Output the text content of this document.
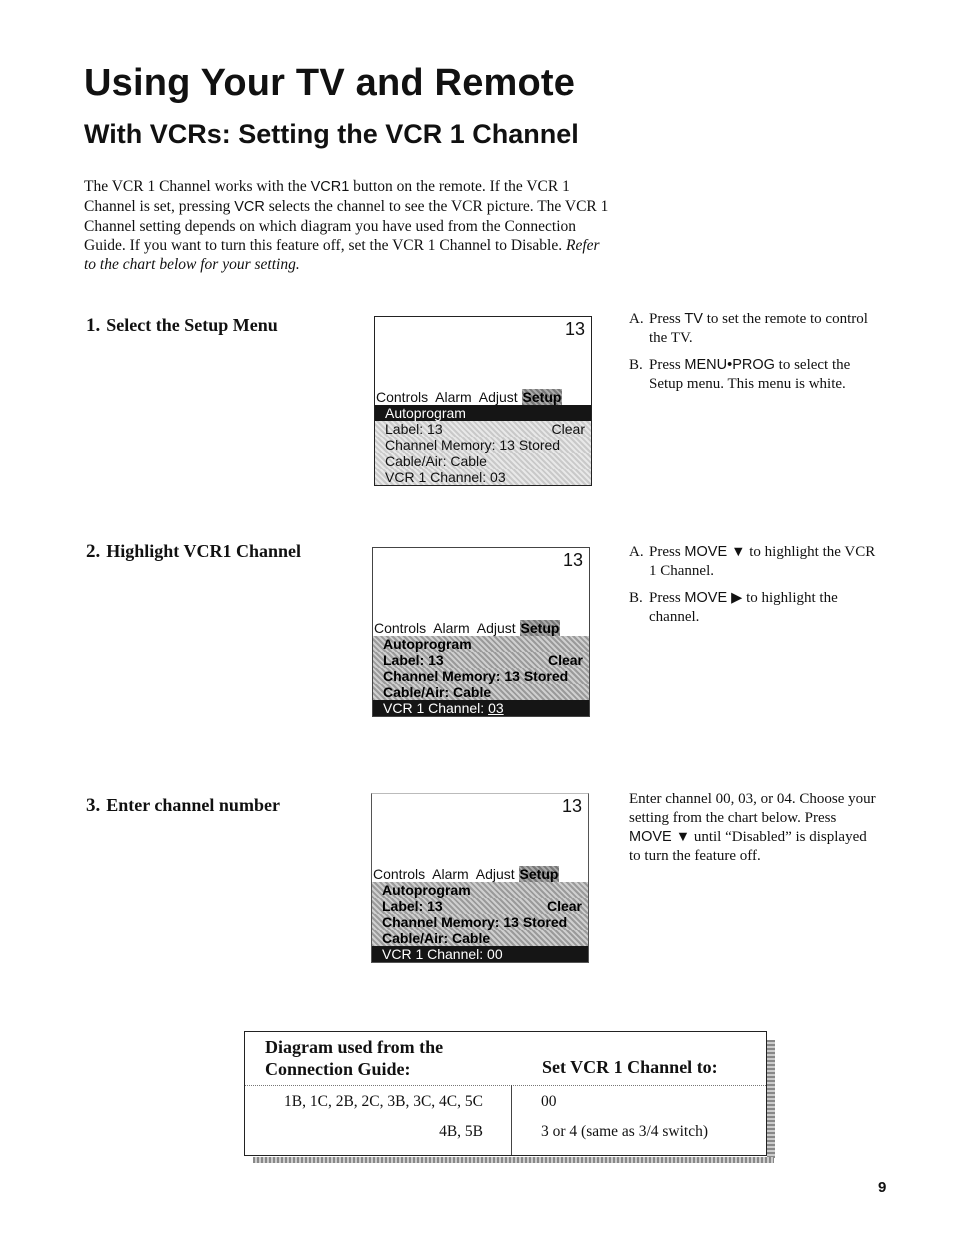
Using Your TV and Remote
With VCRs: Setting the VCR 1 Channel
The VCR 1 Channel works with the VCR1 button on the remote. If the VCR 1 Channel is set, pressing VCR selects the channel to see the VCR picture. The VCR 1 Channel setting depends on which diagram you have used from the Connection Guide. If you want to turn this feature off, set the VCR 1 Channel to Disable. Refer to the chart below for your setting.
1. Select the Setup Menu	13
Controls Alarm Adjust Setup
Autoprogram
Label: 13	Clear
Channel Memory: 13 Stored
Cable/Air: Cable
VCR 1 Channel: 03
A. Press TV to set the remote to control the TV.

B. Press MENU•PROG to select the Setup menu. This menu is white.

2. Highlight VCR1 Channel	13
Controls Alarm Adjust Setup
Autoprogram
Label: 13	Clear
Channel Memory: 13 Stored
Cable/Air: Cable
VCR 1 Channel: 03
A. Press MOVE ▼ to highlight the VCR 1 Channel.

B. Press MOVE ▶ to highlight the channel.

3. Enter channel number	13
Controls Alarm Adjust Setup
Autoprogram
Label: 13	Clear
Channel Memory: 13 Stored
Cable/Air: Cable
VCR 1 Channel: 00

Enter channel 00, 03, or 04. Choose your setting from the chart below. Press MOVE ▼ until “Disabled” is displayed to turn the feature off.

Diagram used from the
Connection Guide:	Set VCR 1 Channel to:
1B, 1C, 2B, 2C, 3B, 3C, 4C, 5C	00
4B, 5B	3 or 4 (same as 3/4 switch)
9
